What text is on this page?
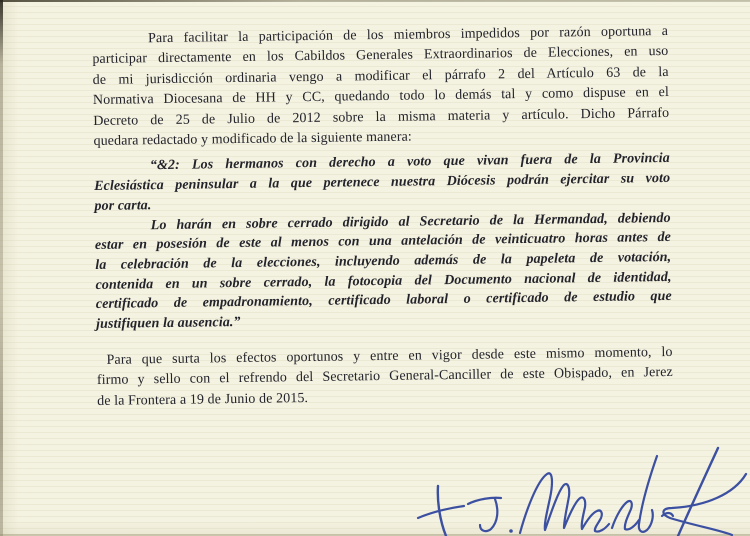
Para facilitar la participación de los miembros impedidos por razón oportuna a
participar directamente en los Cabildos Generales Extraordinarios de Elecciones, en uso
de mi jurisdicción ordinaria vengo a modificar el párrafo 2 del Artículo 63 de la
Normativa Diocesana de HH y CC, quedando todo lo demás tal y como dispuse en el
Decreto de 25 de Julio de 2012 sobre la misma materia y artículo. Dicho Párrafo
quedara redactado y modificado de la siguiente manera:
“&2: Los hermanos con derecho a voto que vivan fuera de la Provincia
Eclesiástica peninsular a la que pertenece nuestra Diócesis podrán ejercitar su voto
por carta.
Lo harán en sobre cerrado dirigido al Secretario de la Hermandad, debiendo
estar en posesión de este al menos con una antelación de veinticuatro horas antes de
la celebración de la elecciones, incluyendo además de la papeleta de votación,
contenida en un sobre cerrado, la fotocopia del Documento nacional de identidad,
certificado de empadronamiento, certificado laboral o certificado de estudio que
justifiquen la ausencia.”
Para que surta los efectos oportunos y entre en vigor desde este mismo momento, lo
firmo y sello con el refrendo del Secretario General-Canciller de este Obispado, en Jerez
de la Frontera a 19 de Junio de 2015.
